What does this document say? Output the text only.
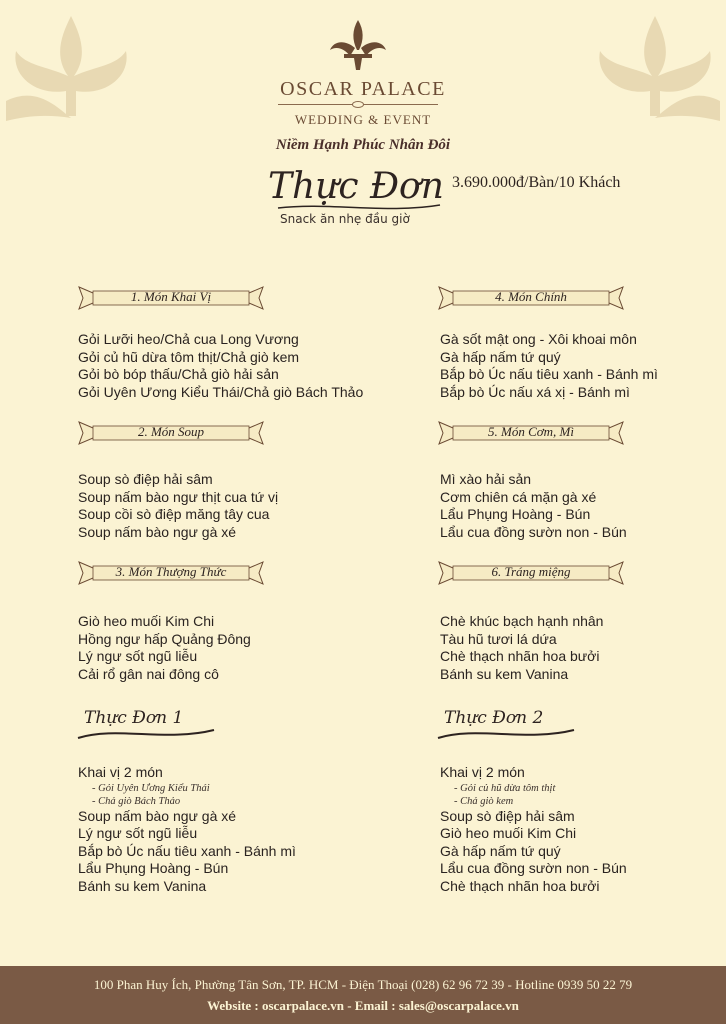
OSCAR PALACE
WEDDING & EVENT
Niềm Hạnh Phúc Nhân Đôi
Thực Đơn 3.690.000đ/Bàn/10 Khách
Snack ăn nhẹ đầu giờ
1. Món Khai Vị
Gỏi Lưỡi heo/Chả cua Long Vương
Gỏi củ hũ dừa tôm thịt/Chả giò kem
Gỏi bò bóp thấu/Chả giò hải sản
Gỏi Uyên Ương Kiểu Thái/Chả giò Bách Thảo
2. Món Soup
Soup sò điệp hải sâm
Soup nấm bào ngư thịt cua tứ vị
Soup cồi sò điệp măng tây cua
Soup nấm bào ngư gà xé
3. Món Thượng Thức
Giò heo muối Kim Chi
Hồng ngư hấp Quảng Đông
Lý ngư sốt ngũ liễu
Cải rổ gân nai đông cô
4. Món Chính
Gà sốt mật ong - Xôi khoai môn
Gà hấp nấm tứ quý
Bắp bò Úc nấu tiêu xanh - Bánh mì
Bắp bò Úc nấu xá xị - Bánh mì
5. Món Cơm, Mì
Mì xào hải sản
Cơm chiên cá mặn gà xé
Lẩu Phụng Hoàng - Bún
Lẩu cua đồng sườn non - Bún
6. Tráng miệng
Chè khúc bạch hạnh nhân
Tàu hũ tươi lá dứa
Chè thạch nhãn hoa bưởi
Bánh su kem Vanina
Thực Đơn 1
Khai vị 2 món
- Gỏi Uyên Ương Kiểu Thái
- Chả giò Bách Thảo
Soup nấm bào ngư gà xé
Lý ngư sốt ngũ liễu
Bắp bò Úc nấu tiêu xanh - Bánh mì
Lẩu Phụng Hoàng - Bún
Bánh su kem Vanina
Thực Đơn 2
Khai vị 2 món
- Gỏi củ hũ dừa tôm thịt
- Chả giò kem
Soup sò điệp hải sâm
Giò heo muối Kim Chi
Gà hấp nấm tứ quý
Lẩu cua đồng sườn non - Bún
Chè thạch nhãn hoa bưởi
100 Phan Huy Ích, Phường Tân Sơn, TP. HCM - Điện Thoại (028) 62 96 72 39 - Hotline 0939 50 22 79
Website : oscarpalace.vn - Email : sales@oscarpalace.vn
